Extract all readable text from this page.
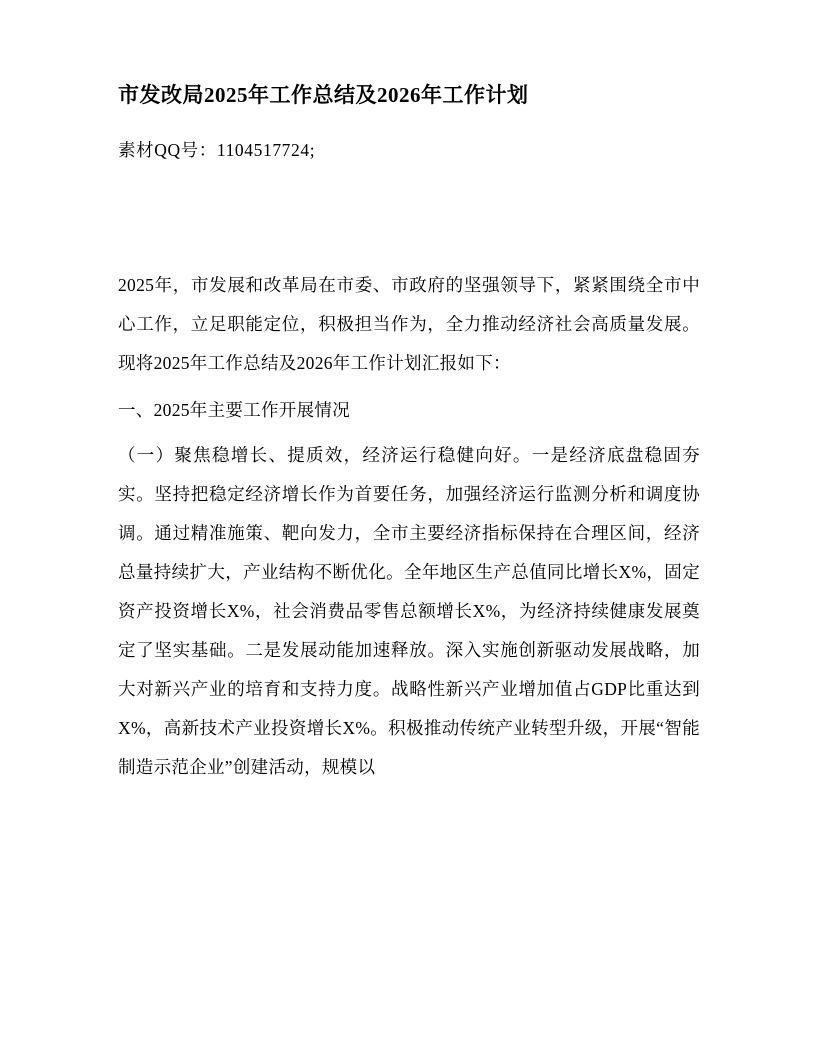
市发改局2025年工作总结及2026年工作计划
素材QQ号：1104517724;

2025年，市发展和改革局在市委、市政府的坚强领导下，紧紧围绕全市中心工作，立足职能定位，积极担当作为，全力推动经济社会高质量发展。现将2025年工作总结及2026年工作计划汇报如下：

一、2025年主要工作开展情况

（一）聚焦稳增长、提质效，经济运行稳健向好。一是经济底盘稳固夯实。坚持把稳定经济增长作为首要任务，加强经济运行监测分析和调度协调。通过精准施策、靶向发力，全市主要经济指标保持在合理区间，经济总量持续扩大，产业结构不断优化。全年地区生产总值同比增长X%，固定资产投资增长X%，社会消费品零售总额增长X%，为经济持续健康发展奠定了坚实基础。二是发展动能加速释放。深入实施创新驱动发展战略，加大对新兴产业的培育和支持力度。战略性新兴产业增加值占GDP比重达到X%，高新技术产业投资增长X%。积极推动传统产业转型升级，开展“智能制造示范企业”创建活动，规模以
